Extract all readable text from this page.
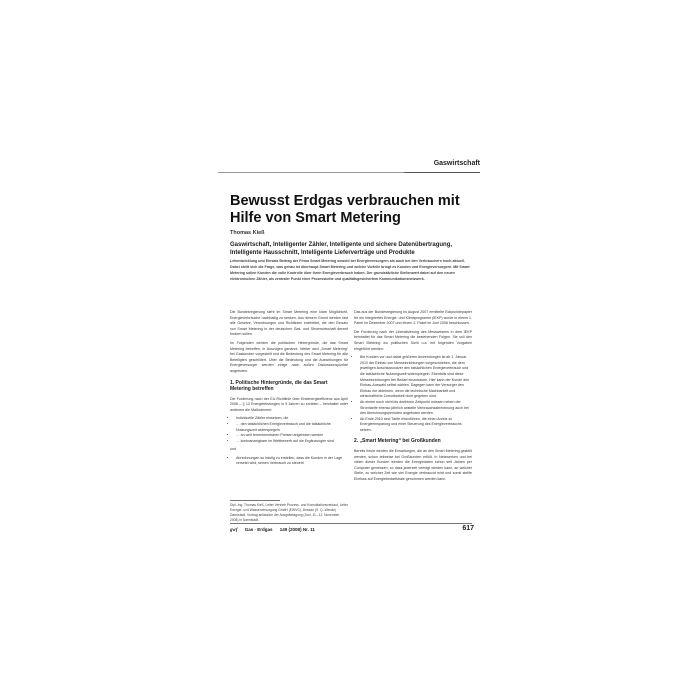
Gaswirtschaft
Bewusst Erdgas verbrauchen mit
Hilfe von Smart Metering
Thomas Kieß
Gaswirtschaft, Intelligenter Zähler, Intelligente und sichere Datenübertragung, Intelligente Hausschnitt, Intelligente Lieferverträge und Produkte
Leitentwicklung und Einsatz Beitrag der Firma Smart Metering sowohl bei Energieversorgern als auch bei den Verbrauchern hoch aktuell. Dabei stellt sich die Frage, was genau ist überhaupt Smart Metering und welche Vorteile bringt es Kunden und Energieversorgern. Mit Smart Metering sollen Kunden die volle Kontrolle über ihren Energieverbrauch haben. Der grundsätzliche Stellenwert dabei auf den neuen elektronischen Zähler, als zentraler Punkt einer Prozesskette und qualitätsgesichertem Kommunikationsnetzwerk.

Die Bundesregierung sieht im Smart Metering eine klare Möglichkeit, Energieverbräuche nachhaltig zu senken. Aus diesem Grund werden fast alle Gesetze, Verordnungen und Richtlinien erarbeitet, die den Einsatz von Smart Metering in der deutschen Gas- und Stromwirtschaft derzeit fordern sollen.

Im Folgenden werden die politischen Hintergründe, die das Smart Metering betreffen, in Auszügen genannt. Weiter wird „Smart Metering“ bei Gaskunden vorgestellt und die Bedeutung des Smart Metering für alle Beteiligten geschildert. Über die Bedeutung und die Auswirkungen für Energieversorger werden einige nach außen Diskussionspunkte angeboten.

1. Politische Hintergründe, die das Smart Metering betreffen

Die Forderung nach der EU-Richtlinie über Endenergieeffizienz aus April 2006 – § 13 Energieleistungen in 9 Jahren zu erzielen – beinhaltet unter anderem die Maßnahmen:

• Individuelle Zähler einsetzen, die
• … den tatsächlichen Energieverbrauch und die tatsächliche Nutzungszeit widerspiegeln
• … an weit fernerkennbaren Preisen angeboten werden
• … kontoanzeigbare im Wettbewerb auf die Ergänzungen sind

und

• Abrechnungen so häufig zu erstellen, dass die Kunden in der Lage versetzt wird, seinen Verbrauch zu steuern
Dipl.-Ing. Thomas Kieß, Leiter Vertrieb Prozess- und Konsultationsverkauf, Leiter Energie- und Wasserversorgung GmbH (EWVG), Dessau (S. Q.-Wende) Darmstadt. Vortrag anlässlich der Ausgabetagung (Juni, 11.–12. November 2008) in Darmstadt.

Das aus der Bundesregierung im August 2007 ermittelte Eckpunktepapier für ein Integriertes Energie- und Klimaprogramm (IEKP) wurde in einem 1. Paket im Dezember 2007 und einem 2. Paket im Juni 2008 beschlossen.

Die Forderung nach der Liberalisierung des Messwesens in dem IEKP beinhaltet für das Smart Metering die bestehenden Folgen. Sie soll den Smart Metering wo politischen Sicht u.a. mit folgenden Vorgaben eingeführt werden:

• Bei Kunden vor und dabei größeren Anwendungen ist ab 1. Januar 2010 der Einbau von Messeinrichtungen vorgeschrieben, die dem jeweiligen Anschlussnutzer den tatsächlichen Energieverbrauch und die tatsächliche Nutzungszeit widerspiegeln. Ebenfalls sind diese Messeinrichtungen bei Bedarf einzubauen. Hier kann der Kunde den Einbau-Auswahl selbst wählen. Dagegen kann der Versorger den Einbau nur ablehnen, wenn die technische Machbarkeit und wirtschaftliche Zumutbarkeit nicht gegeben sind.
• Ab einem noch nicht bis dorthinen Zeitpunkt müssen neben der Stromtarife ebenso jährlich anstelle Verbrauchsabrechnung auch bei den Abrechnungsperioden angeboten werden.
• Ab Ende 2010 sind Tarife einzuführen, die einen Anreiz zu Energieeinsparung und einer Steuerung des Energieverbrauchs setzen.
2. „Smart Metering“ bei Großkunden

Bereits heute werden die Erwartungen, die an den Smart Metering gestellt werden, schon teilweise bei Großkunden erfüllt. In Netzwerken und bei vielen dieser Kunden werden die Energiedaten schon seit Jahren per Computer gemessen, so dass jederzeit verfolgt werden kann, an welcher Stelle, zu welcher Zeit wie viel Energie verbraucht wird und somit stellte Einfluss auf Energiebedarfsbale genommen werden kann.

gwf Gas · Erdgas 149 (2008) Nr. 11	617
